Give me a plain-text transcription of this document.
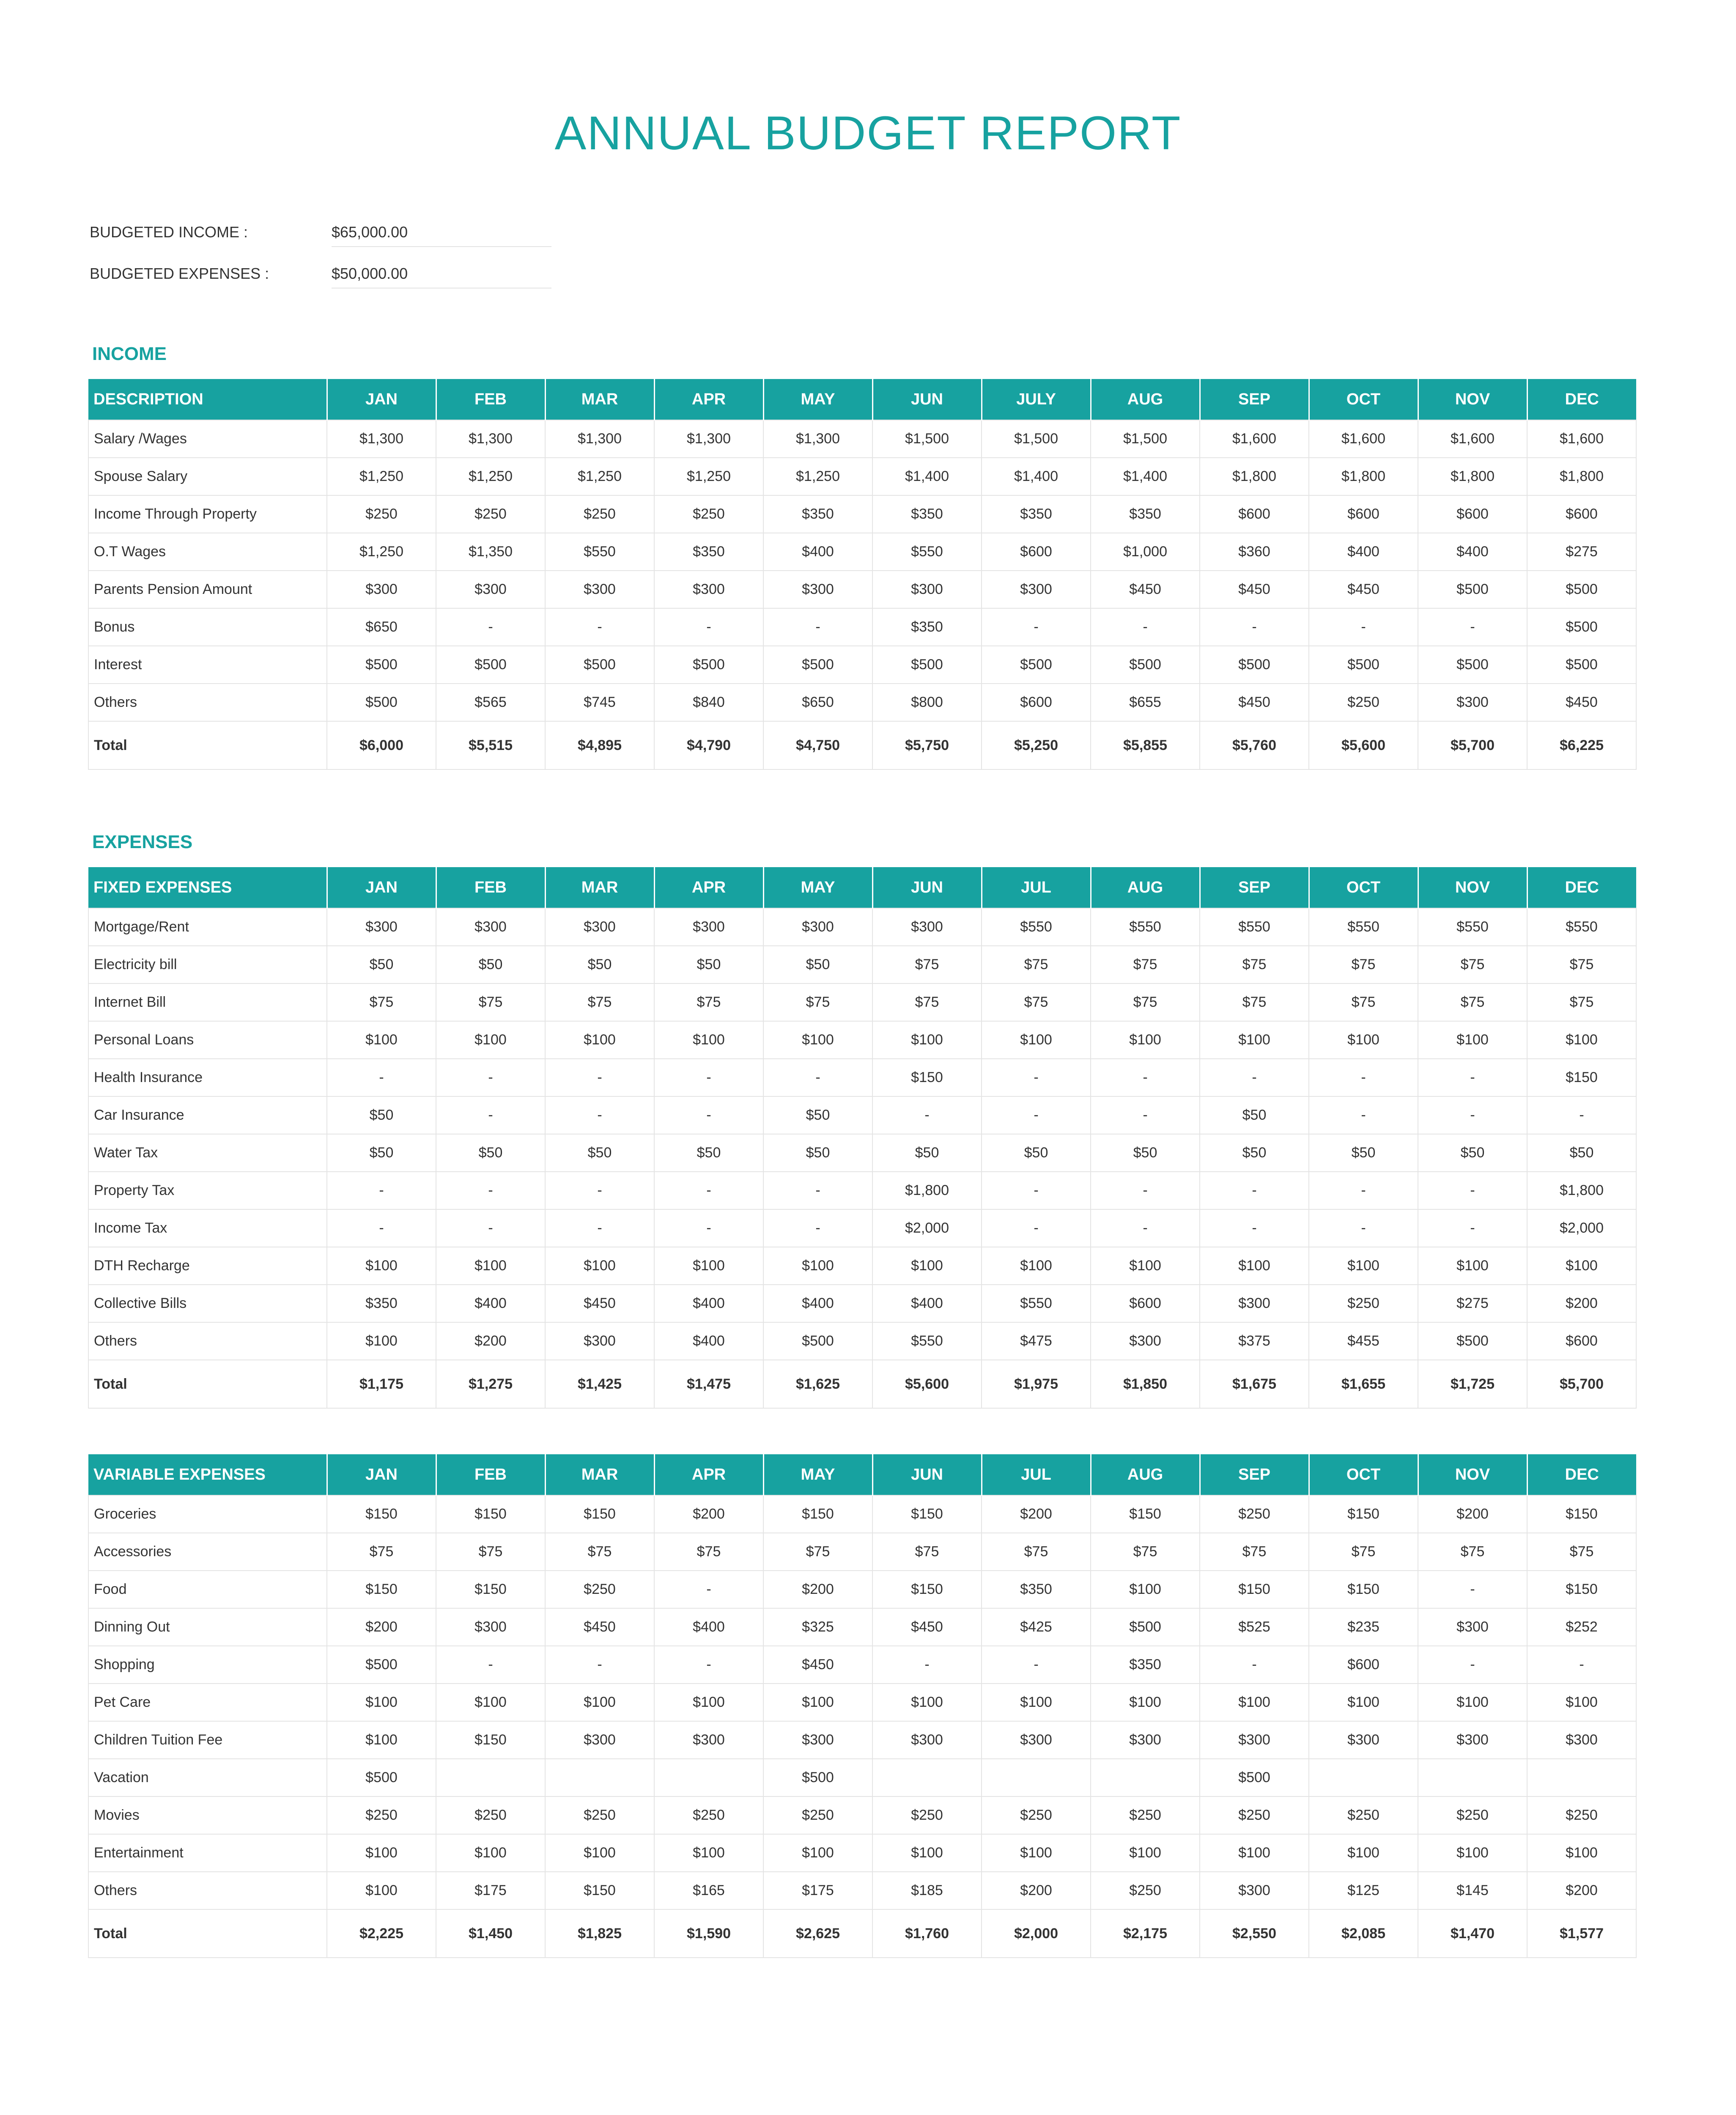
ANNUAL BUDGET REPORT
BUDGETED INCOME :	$65,000.00
BUDGETED EXPENSES :	$50,000.00
INCOME
DESCRIPTION	JAN	FEB	MAR	APR	MAY	JUN	JULY	AUG	SEP	OCT	NOV	DEC
Salary /Wages	$1,300	$1,300	$1,300	$1,300	$1,300	$1,500	$1,500	$1,500	$1,600	$1,600	$1,600	$1,600
Spouse Salary	$1,250	$1,250	$1,250	$1,250	$1,250	$1,400	$1,400	$1,400	$1,800	$1,800	$1,800	$1,800
Income Through Property	$250	$250	$250	$250	$350	$350	$350	$350	$600	$600	$600	$600
O.T Wages	$1,250	$1,350	$550	$350	$400	$550	$600	$1,000	$360	$400	$400	$275
Parents Pension Amount	$300	$300	$300	$300	$300	$300	$300	$450	$450	$450	$500	$500
Bonus	$650	-	-	-	-	$350	-	-	-	-	-	$500
Interest	$500	$500	$500	$500	$500	$500	$500	$500	$500	$500	$500	$500
Others	$500	$565	$745	$840	$650	$800	$600	$655	$450	$250	$300	$450
Total	$6,000	$5,515	$4,895	$4,790	$4,750	$5,750	$5,250	$5,855	$5,760	$5,600	$5,700	$6,225
EXPENSES
FIXED EXPENSES	JAN	FEB	MAR	APR	MAY	JUN	JUL	AUG	SEP	OCT	NOV	DEC
Mortgage/Rent	$300	$300	$300	$300	$300	$300	$550	$550	$550	$550	$550	$550
Electricity bill	$50	$50	$50	$50	$50	$75	$75	$75	$75	$75	$75	$75
Internet Bill	$75	$75	$75	$75	$75	$75	$75	$75	$75	$75	$75	$75
Personal Loans	$100	$100	$100	$100	$100	$100	$100	$100	$100	$100	$100	$100
Health Insurance	-	-	-	-	-	$150	-	-	-	-	-	$150
Car Insurance	$50	-	-	-	$50	-	-	-	$50	-	-	-
Water Tax	$50	$50	$50	$50	$50	$50	$50	$50	$50	$50	$50	$50
Property Tax	-	-	-	-	-	$1,800	-	-	-	-	-	$1,800
Income Tax	-	-	-	-	-	$2,000	-	-	-	-	-	$2,000
DTH Recharge	$100	$100	$100	$100	$100	$100	$100	$100	$100	$100	$100	$100
Collective Bills	$350	$400	$450	$400	$400	$400	$550	$600	$300	$250	$275	$200
Others	$100	$200	$300	$400	$500	$550	$475	$300	$375	$455	$500	$600
Total	$1,175	$1,275	$1,425	$1,475	$1,625	$5,600	$1,975	$1,850	$1,675	$1,655	$1,725	$5,700
VARIABLE EXPENSES	JAN	FEB	MAR	APR	MAY	JUN	JUL	AUG	SEP	OCT	NOV	DEC
Groceries	$150	$150	$150	$200	$150	$150	$200	$150	$250	$150	$200	$150
Accessories	$75	$75	$75	$75	$75	$75	$75	$75	$75	$75	$75	$75
Food	$150	$150	$250	-	$200	$150	$350	$100	$150	$150	-	$150
Dinning Out	$200	$300	$450	$400	$325	$450	$425	$500	$525	$235	$300	$252
Shopping	$500	-	-	-	$450	-	-	$350	-	$600	-	-
Pet Care	$100	$100	$100	$100	$100	$100	$100	$100	$100	$100	$100	$100
Children Tuition Fee	$100	$150	$300	$300	$300	$300	$300	$300	$300	$300	$300	$300
Vacation	$500				$500				$500			
Movies	$250	$250	$250	$250	$250	$250	$250	$250	$250	$250	$250	$250
Entertainment	$100	$100	$100	$100	$100	$100	$100	$100	$100	$100	$100	$100
Others	$100	$175	$150	$165	$175	$185	$200	$250	$300	$125	$145	$200
Total	$2,225	$1,450	$1,825	$1,590	$2,625	$1,760	$2,000	$2,175	$2,550	$2,085	$1,470	$1,577
